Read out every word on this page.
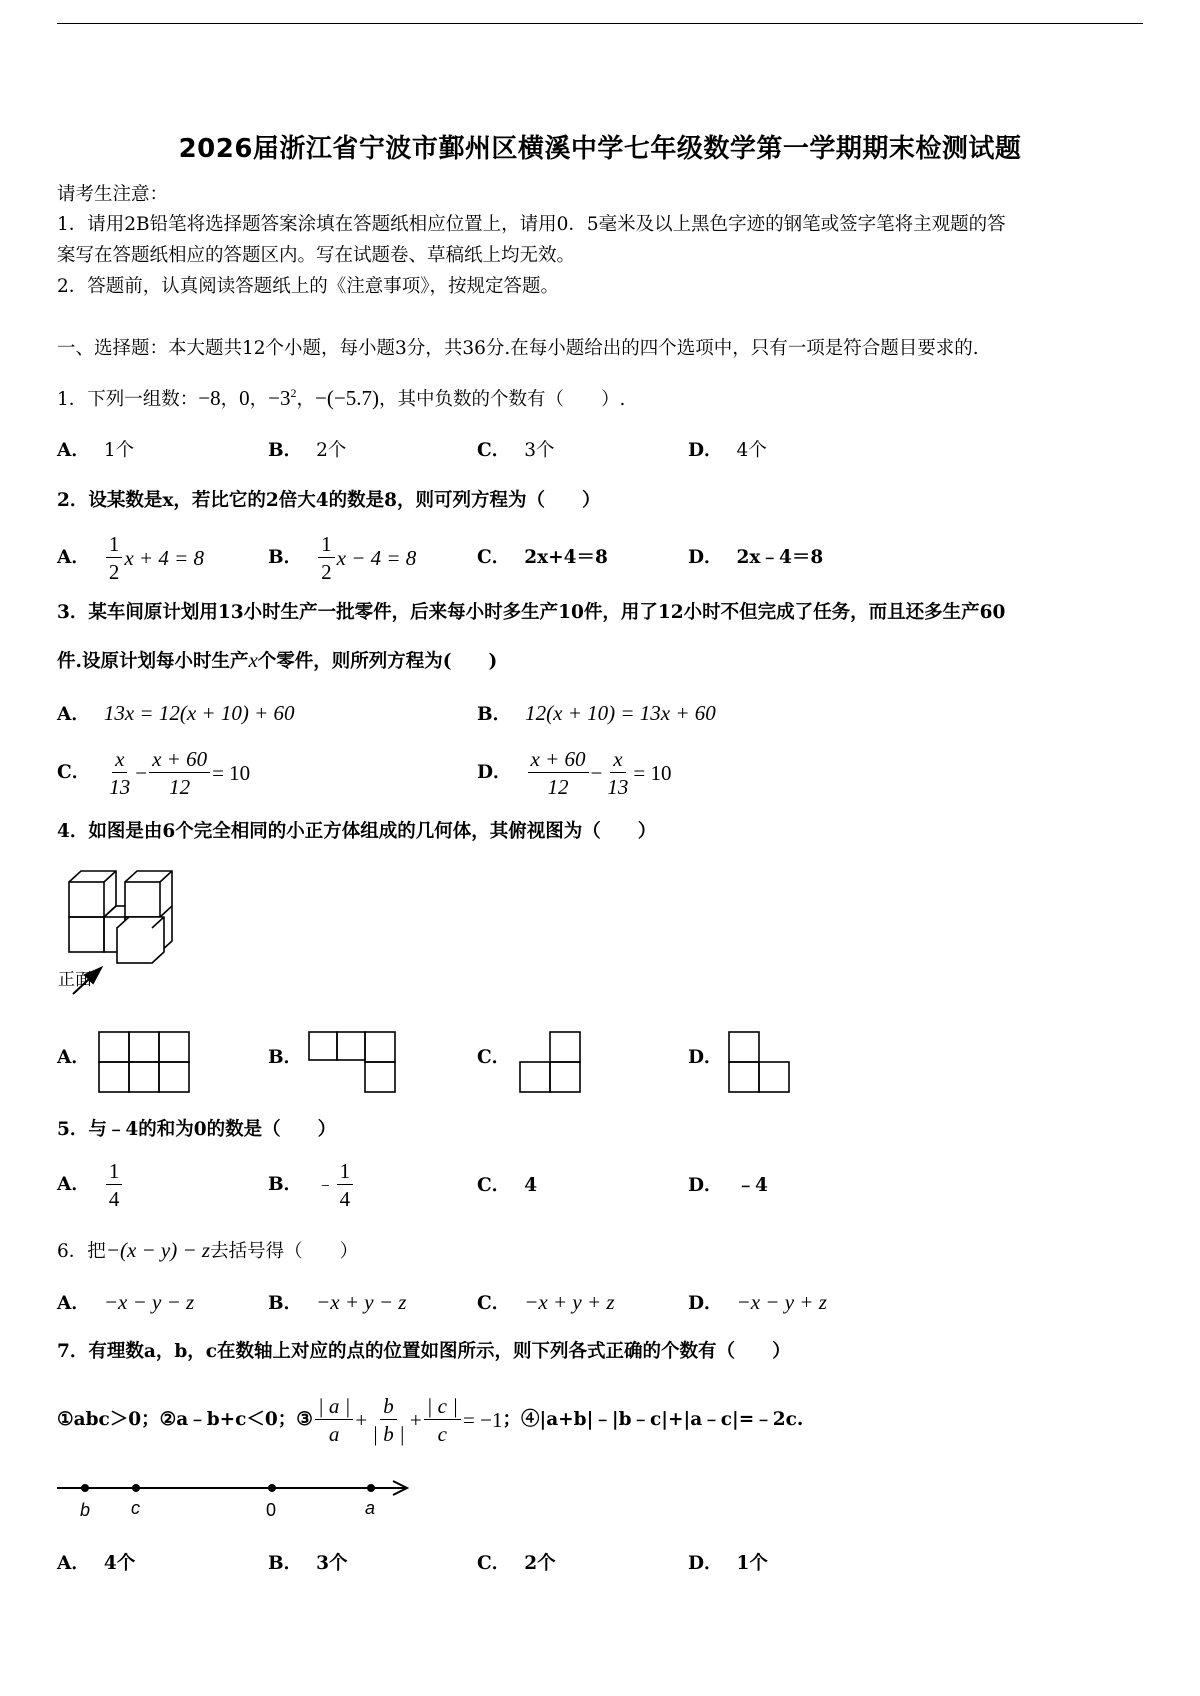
2026届浙江省宁波市鄞州区横溪中学七年级数学第一学期期末检测试题
请考生注意：
1．请用2B铅笔将选择题答案涂填在答题纸相应位置上，请用0．5毫米及以上黑色字迹的钢笔或签字笔将主观题的答
案写在答题纸相应的答题区内。写在试题卷、草稿纸上均无效。
2．答题前，认真阅读答题纸上的《注意事项》，按规定答题。
一、选择题：本大题共12个小题，每小题3分，共36分.在每小题给出的四个选项中，只有一项是符合题目要求的.
1．下列一组数：−8，0，$-3^2$，−(−5.7)，其中负数的个数有（　　）.
A． 1个	B． 2个	C． 3个	D． 4个
2．设某数是x，若比它的2倍大4的数是8，则可列方程为（　　）
A． $\frac{1}{2}$ x + 4 = 8	B． $\frac{1}{2}$ x − 4 = 8	C． 2x+4＝8	D． 2x﹣4＝8
3．某车间原计划用13小时生产一批零件，后来每小时多生产10件，用了12小时不但完成了任务，而且还多生产60
件.设原计划每小时生产x个零件，则所列方程为(　　)
A． 13x = 12(x + 10) + 60	B． 12(x + 10) = 13x + 60
C． $\frac{x}{13} - \frac{x + 60}{12} = 10$	D． $\frac{x + 60}{12} - \frac{x}{13} = 10$
4．如图是由6个完全相同的小正方体组成的几何体，其俯视图为（　　）
正面
A．	B．	C．	D．
5．与﹣4的和为0的数是（　　）
A． $\frac{1}{4}$	B． ﹣ $\frac{1}{4}$	C． 4	D． ﹣4
6．把−(x − y) − z去括号得（　　）
A． −x − y − z	B． −x + y − z	C． −x + y + z	D． −x − y + z
7．有理数a，b，c在数轴上对应的点的位置如图所示，则下列各式正确的个数有（　　）
①abc＞0；②a﹣b+c＜0；③ $\frac{| a |}{a} + \frac{b}{| b |} + \frac{| c |}{c} = -1$ ；④|a+b|﹣|b﹣c|+|a﹣c|=﹣2c.
b c	0	a
A． 4个	B． 3个	C． 2个	D． 1个
